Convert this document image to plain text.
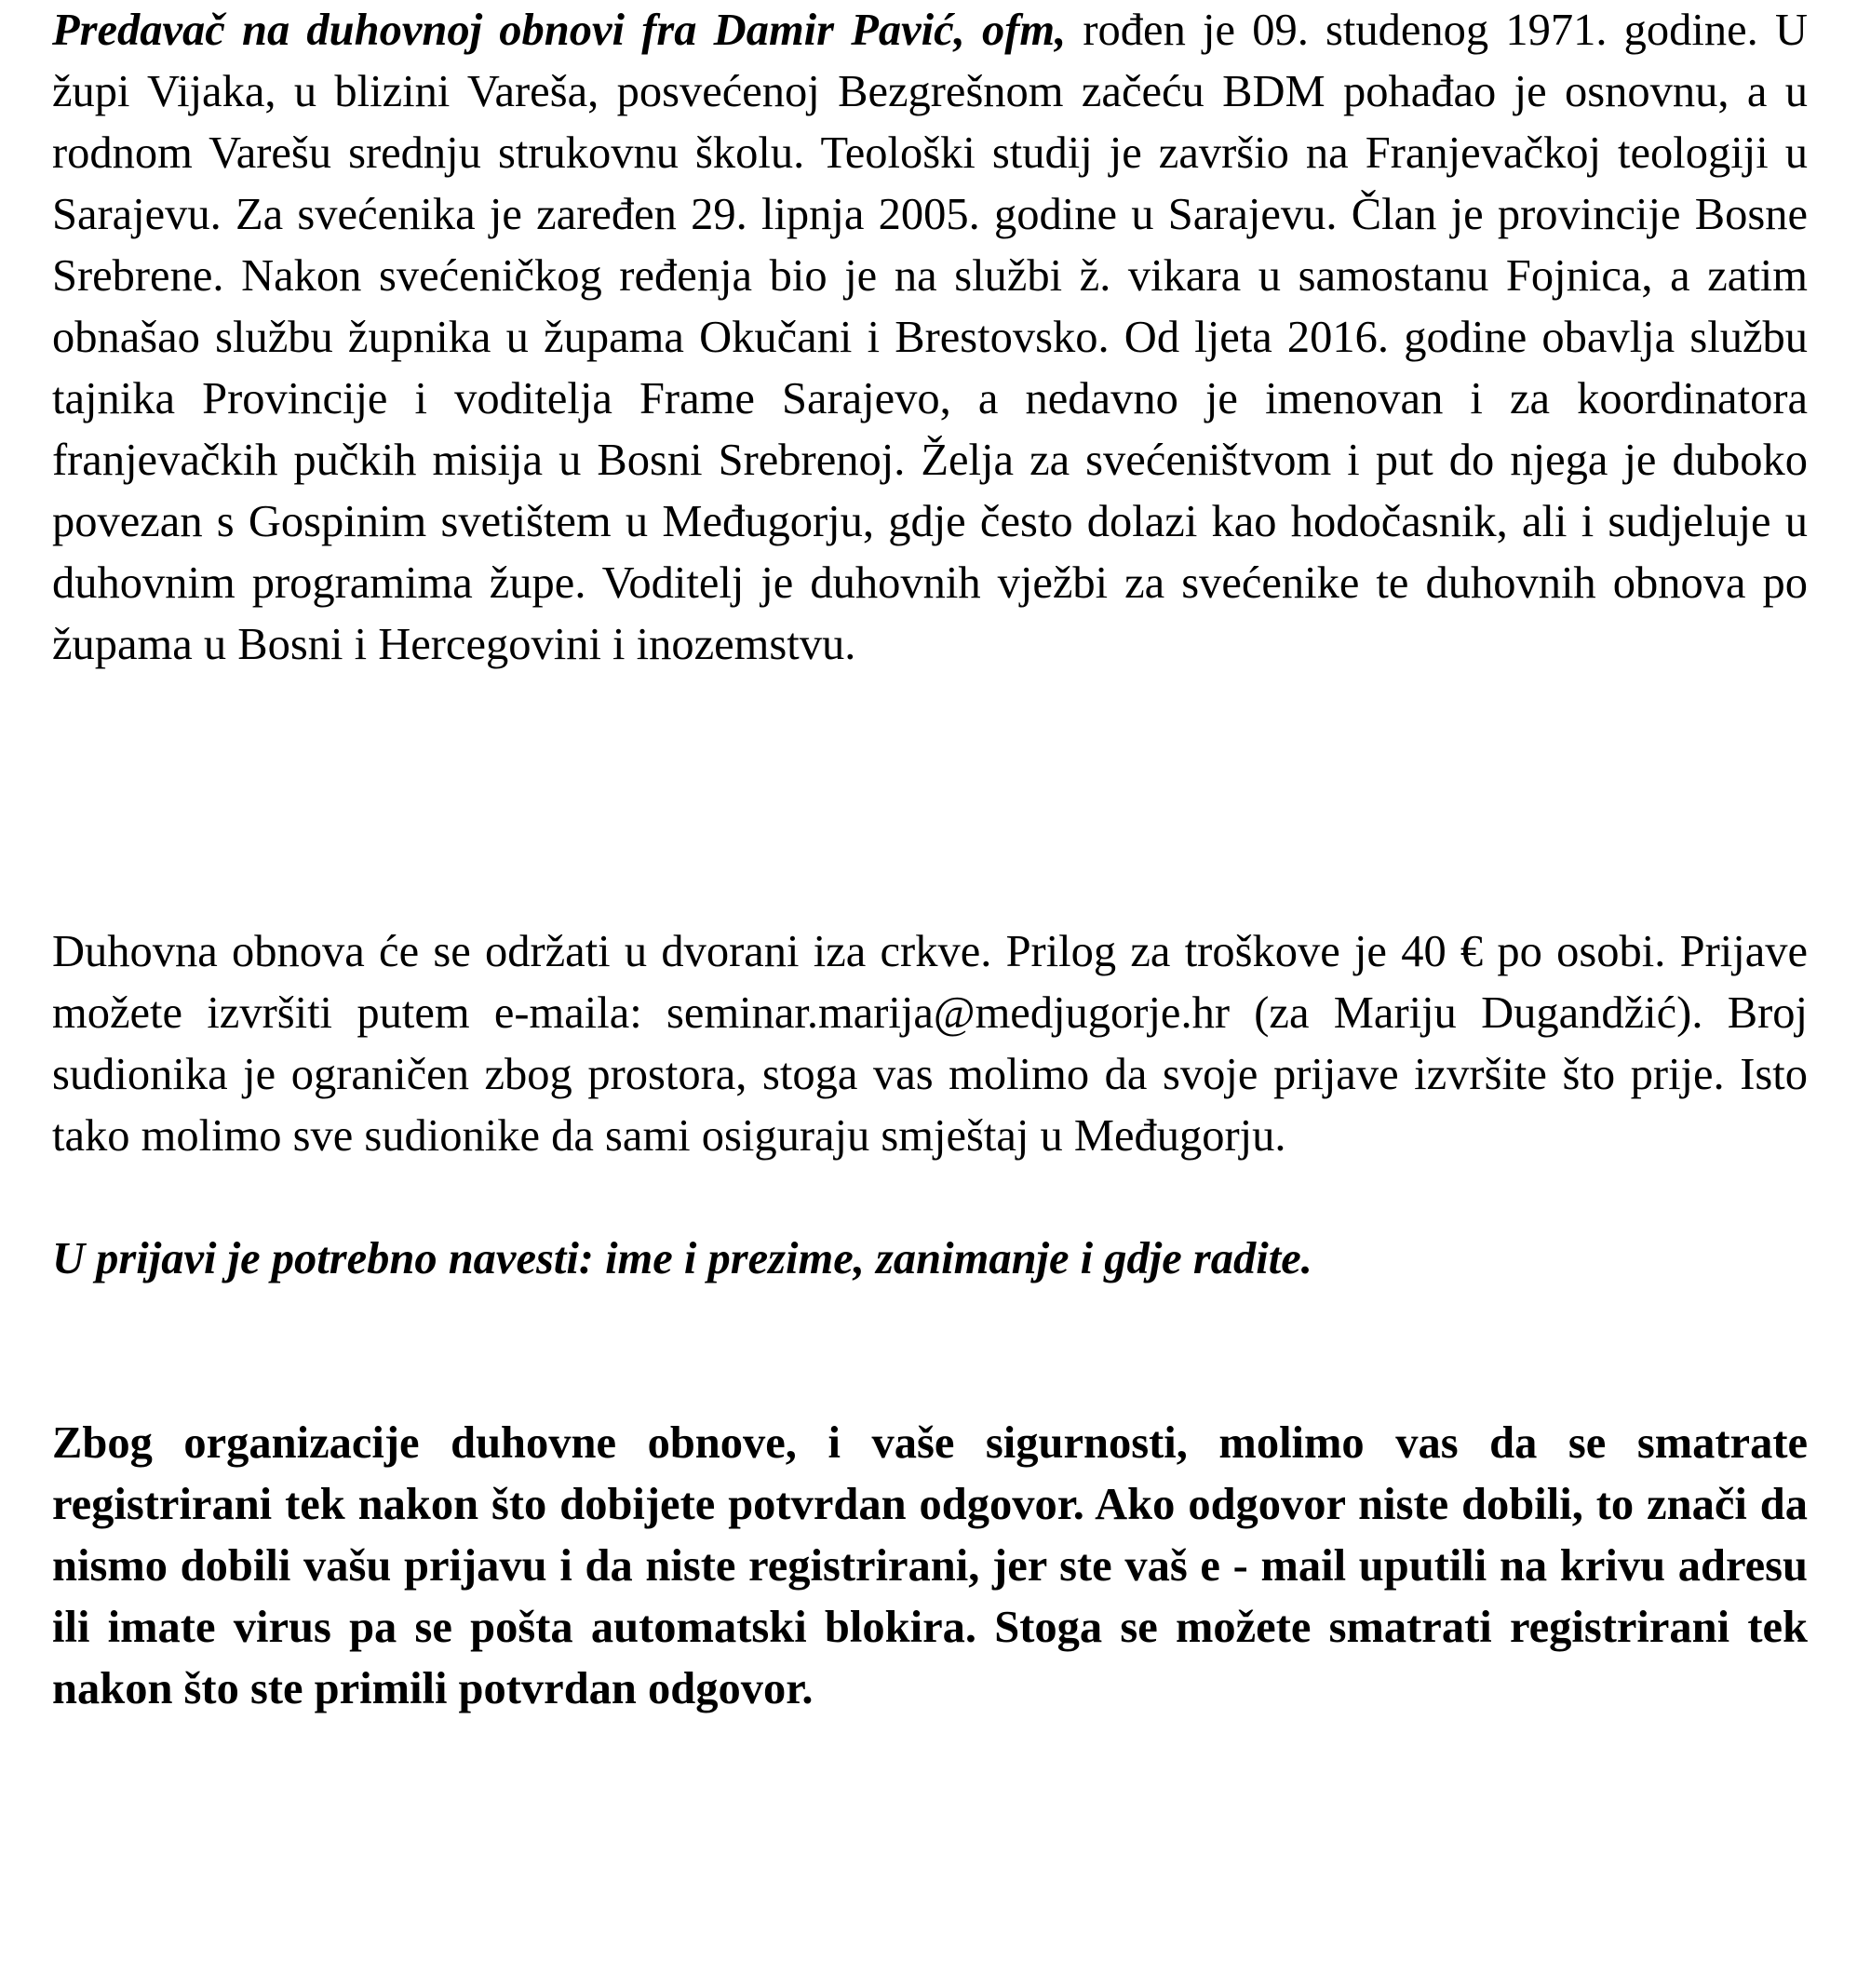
Predavač na duhovnoj obnovi fra Damir Pavić, ofm, rođen je 09. studenog 1971. godine. U župi Vijaka, u blizini Vareša, posvećenoj Bezgrešnom začeću BDM pohađao je osnovnu, a u rodnom Varešu srednju strukovnu školu. Teološki studij je završio na Franjevačkoj teologiji u Sarajevu. Za svećenika je zaređen 29. lipnja 2005. godine u Sarajevu. Član je provincije Bosne Srebrene. Nakon svećeničkog ređenja bio je na službi ž. vikara u samostanu Fojnica, a zatim obnašao službu župnika u župama Okučani i Brestovsko. Od ljeta 2016. godine obavlja službu tajnika Provincije i voditelja Frame Sarajevo, a nedavno je imenovan i za koordinatora franjevačkih pučkih misija u Bosni Srebrenoj. Želja za svećeništvom i put do njega je duboko povezan s Gospinim svetištem u Međugorju, gdje često dolazi kao hodočasnik, ali i sudjeluje u duhovnim programima župe. Voditelj je duhovnih vježbi za svećenike te duhovnih obnova po župama u Bosni i Hercegovini i inozemstvu.

Duhovna obnova će se održati u dvorani iza crkve. Prilog za troškove je 40 € po osobi. Prijave možete izvršiti putem e-maila: seminar.marija@medjugorje.hr (za Mariju Dugandžić). Broj sudionika je ograničen zbog prostora, stoga vas molimo da svoje prijave izvršite što prije. Isto tako molimo sve sudionike da sami osiguraju smještaj u Međugorju.

U prijavi je potrebno navesti: ime i prezime, zanimanje i gdje radite.

Zbog organizacije duhovne obnove, i vaše sigurnosti, molimo vas da se smatrate registrirani tek nakon što dobijete potvrdan odgovor. Ako odgovor niste dobili, to znači da nismo dobili vašu prijavu i da niste registrirani, jer ste vaš e - mail uputili na krivu adresu ili imate virus pa se pošta automatski blokira. Stoga se možete smatrati registrirani tek nakon što ste primili potvrdan odgovor.
